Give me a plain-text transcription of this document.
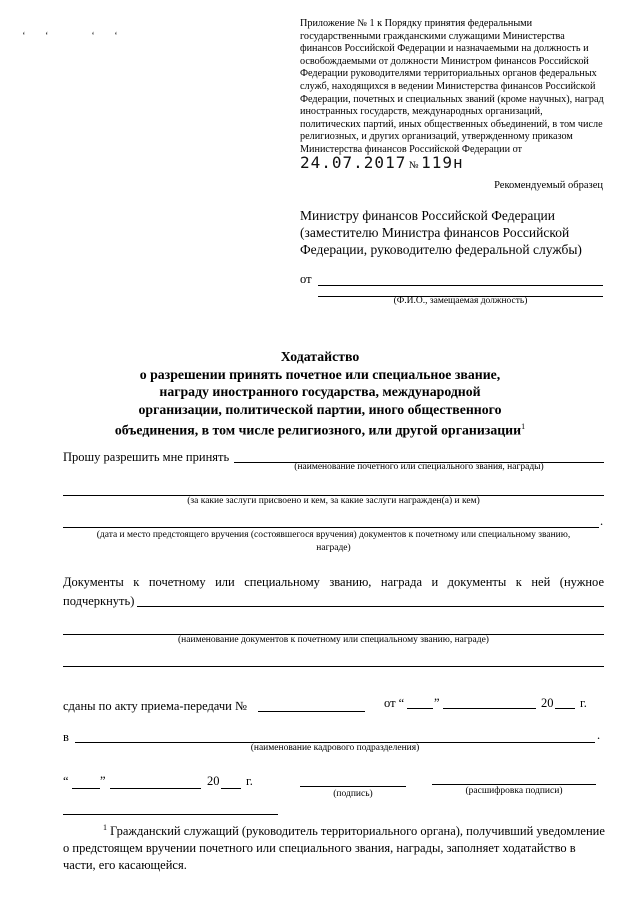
‘‘ ‘‘
Приложение № 1 к Порядку принятия федеральными государственными гражданскими служащими Министерства финансов Российской Федерации и назначаемыми на должность и освобождаемыми от должности Министром финансов Российской Федерации руководителями территориальных органов федеральных служб, находящихся в ведении Министерства финансов Российской Федерации, почетных и специальных званий (кроме научных), наград иностранных государств, международных организаций, политических партий, иных общественных объединений, в том числе религиозных, и других организаций, утвержденному приказом Министерства финансов Российской Федерации от 24.07.2017 № 119н
Рекомендуемый образец
Министру финансов Российской Федерации (заместителю Министра финансов Российской Федерации, руководителю федеральной службы)
от
(Ф.И.О., замещаемая должность)
Ходатайство
о разрешении принять почетное или специальное звание,
награду иностранного государства, международной
организации, политической партии, иного общественного
объединения, в том числе религиозного, или другой организации$^1$
Прошу разрешить мне принять
(наименование почетного или специального звания, награды)
(за какие заслуги присвоено и кем, за какие заслуги награжден(а) и кем)
.
(дата и место предстоящего вручения (состоявшегося вручения) документов к почетному или специальному званию,
награде)
Документы к почетному или специальному званию, награда и документы к ней (нужное
подчеркнуть)
(наименование документов к почетному или специальному званию, награде)
сданы по акту приема-передачи №	от “ ”	20 г.
в	.
(наименование кадрового подразделения)
“	”	20 г.
(подпись)	(расшифровка подписи)
$^1$ Гражданский служащий (руководитель территориального органа), получивший уведомление о предстоящем вручении почетного или специального звания, награды, заполняет ходатайство в части, его касающейся.
